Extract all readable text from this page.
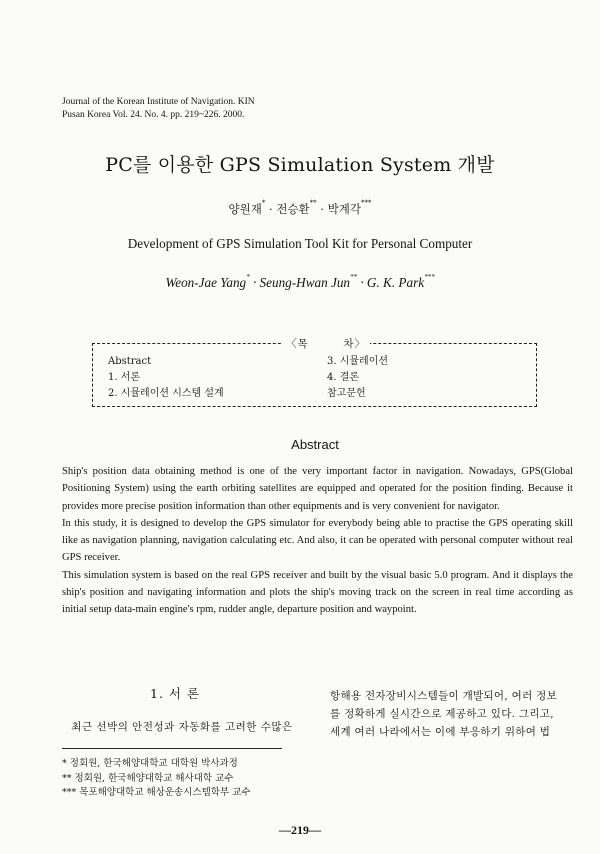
Journal of the Korean Institute of Navigation. KIN
Pusan Korea Vol. 24. No. 4. pp. 219~226. 2000.
PC를 이용한 GPS Simulation System 개발
양원재* · 전승환** · 박계각***
Development of GPS Simulation Tool Kit for Personal Computer
Weon-Jae Yang* · Seung-Hwan Jun** · G. K. Park***
〈목	차〉
Abstract
1. 서론
2. 시뮬레이션 시스템 설계
3. 시뮬레이션
4. 결론
참고문헌
Abstract

Ship's position data obtaining method is one of the very important factor in navigation. Nowadays, GPS(Global Positioning System) using the earth orbiting satellites are equipped and operated for the position finding. Because it provides more precise position information than other equipments and is very convenient for navigator.

In this study, it is designed to develop the GPS simulator for everybody being able to practise the GPS operating skill like as navigation planning, navigation calculating etc. And also, it can be operated with personal computer without real GPS receiver.

This simulation system is based on the real GPS receiver and built by the visual basic 5.0 program. And it displays the ship's position and navigating information and plots the ship's moving track on the screen in real time according as initial setup data-main engine's rpm, rudder angle, departure position and waypoint.

1. 서 론
최근 선박의 안전성과 자동화를 고려한 수많은
항해용 전자장비시스템들이 개발되어, 여러 정보
를 정확하게 실시간으로 제공하고 있다. 그리고,
세계 여러 나라에서는 이에 부응하기 위하여 법
* 정회원, 한국해양대학교 대학원 박사과정
** 정회원, 한국해양대학교 해사대학 교수
*** 목포해양대학교 해상운송시스템학부 교수
—219—
